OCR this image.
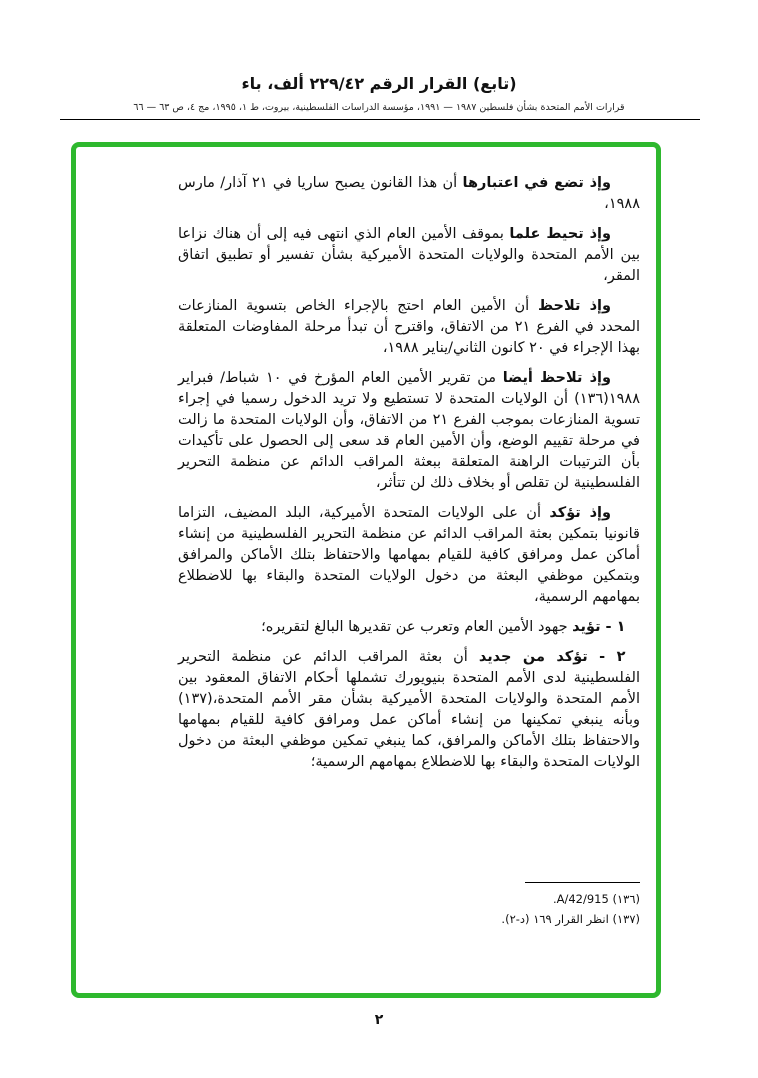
(تابع) القرار الرقم ٢٢٩/٤٢ ألف، باء
قرارات الأمم المتحدة بشأن فلسطين ١٩٨٧ — ١٩٩١، مؤسسة الدراسات الفلسطينية، بيروت، ط ١، ١٩٩٥، مج ٤، ص ٦٣ — ٦٦

وإذ تضع في اعتبارها أن هذا القانون يصبح ساريا في ٢١ آذار/ مارس ١٩٨٨،

وإذ تحيط علما بموقف الأمين العام الذي انتهى فيه إلى أن هناك نزاعا بين الأمم المتحدة والولايات المتحدة الأميركية بشأن تفسير أو تطبيق اتفاق المقر،

وإذ تلاحظ أن الأمين العام احتج بالإجراء الخاص بتسوية المنازعات المحدد في الفرع ٢١ من الاتفاق، واقترح أن تبدأ مرحلة المفاوضات المتعلقة بهذا الإجراء في ٢٠ كانون الثاني/يناير ١٩٨٨،

وإذ تلاحظ أيضا من تقرير الأمين العام المؤرخ في ١٠ شباط/ فبراير ١٩٨٨(١٣٦) أن الولايات المتحدة لا تستطيع ولا تريد الدخول رسميا في إجراء تسوية المنازعات بموجب الفرع ٢١ من الاتفاق، وأن الولايات المتحدة ما زالت في مرحلة تقييم الوضع، وأن الأمين العام قد سعى إلى الحصول على تأكيدات بأن الترتيبات الراهنة المتعلقة ببعثة المراقب الدائم عن منظمة التحرير الفلسطينية لن تقلص أو بخلاف ذلك لن تتأثر،

وإذ تؤكد أن على الولايات المتحدة الأميركية، البلد المضيف، التزاما قانونيا بتمكين بعثة المراقب الدائم عن منظمة التحرير الفلسطينية من إنشاء أماكن عمل ومرافق كافية للقيام بمهامها والاحتفاظ بتلك الأماكن والمرافق وبتمكين موظفي البعثة من دخول الولايات المتحدة والبقاء بها للاضطلاع بمهامهم الرسمية،

١ - تؤيد جهود الأمين العام وتعرب عن تقديرها البالغ لتقريره؛

٢ - تؤكد من جديد أن بعثة المراقب الدائم عن منظمة التحرير الفلسطينية لدى الأمم المتحدة بنيويورك تشملها أحكام الاتفاق المعقود بين الأمم المتحدة والولايات المتحدة الأميركية بشأن مقر الأمم المتحدة،(١٣٧) وبأنه ينبغي تمكينها من إنشاء أماكن عمل ومرافق كافية للقيام بمهامها والاحتفاظ بتلك الأماكن والمرافق، كما ينبغي تمكين موظفي البعثة من دخول الولايات المتحدة والبقاء بها للاضطلاع بمهامهم الرسمية؛

(١٣٦) A/42/915.
(١٣٧) انظر القرار ١٦٩ (د-٢).
٢
